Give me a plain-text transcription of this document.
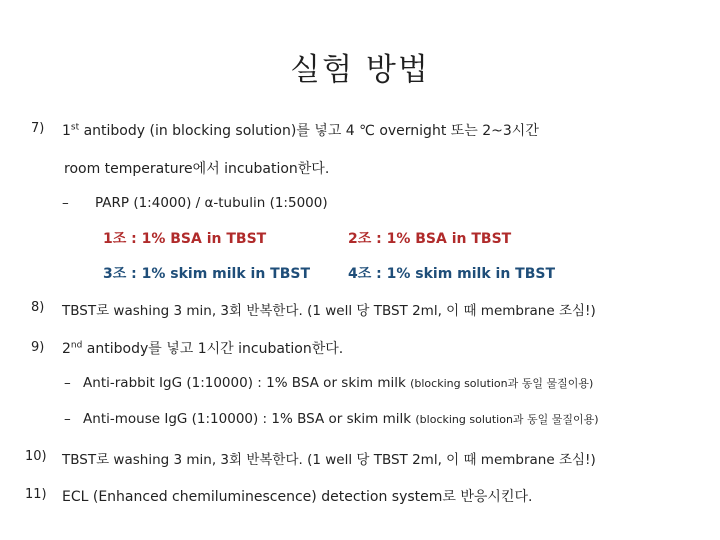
실험 방법
7) 1st antibody (in blocking solution)를 넣고 4 ℃ overnight 또는 2~3시간
room temperature에서 incubation한다.
– PARP (1:4000) / α-tubulin (1:5000)
1조 : 1% BSA in TBST	2조 : 1% BSA in TBST
3조 : 1% skim milk in TBST	4조 : 1% skim milk in TBST
8) TBST로 washing 3 min, 3회 반복한다. (1 well 당 TBST 2ml, 이 때 membrane 조심!)
9) 2nd antibody를 넣고 1시간 incubation한다.
– Anti-rabbit IgG (1:10000) : 1% BSA or skim milk (blocking solution과 동일 물질이용)
– Anti-mouse IgG (1:10000) : 1% BSA or skim milk (blocking solution과 동일 물질이용)
10) TBST로 washing 3 min, 3회 반복한다. (1 well 당 TBST 2ml, 이 때 membrane 조심!)
11) ECL (Enhanced chemiluminescence) detection system로 반응시킨다.
